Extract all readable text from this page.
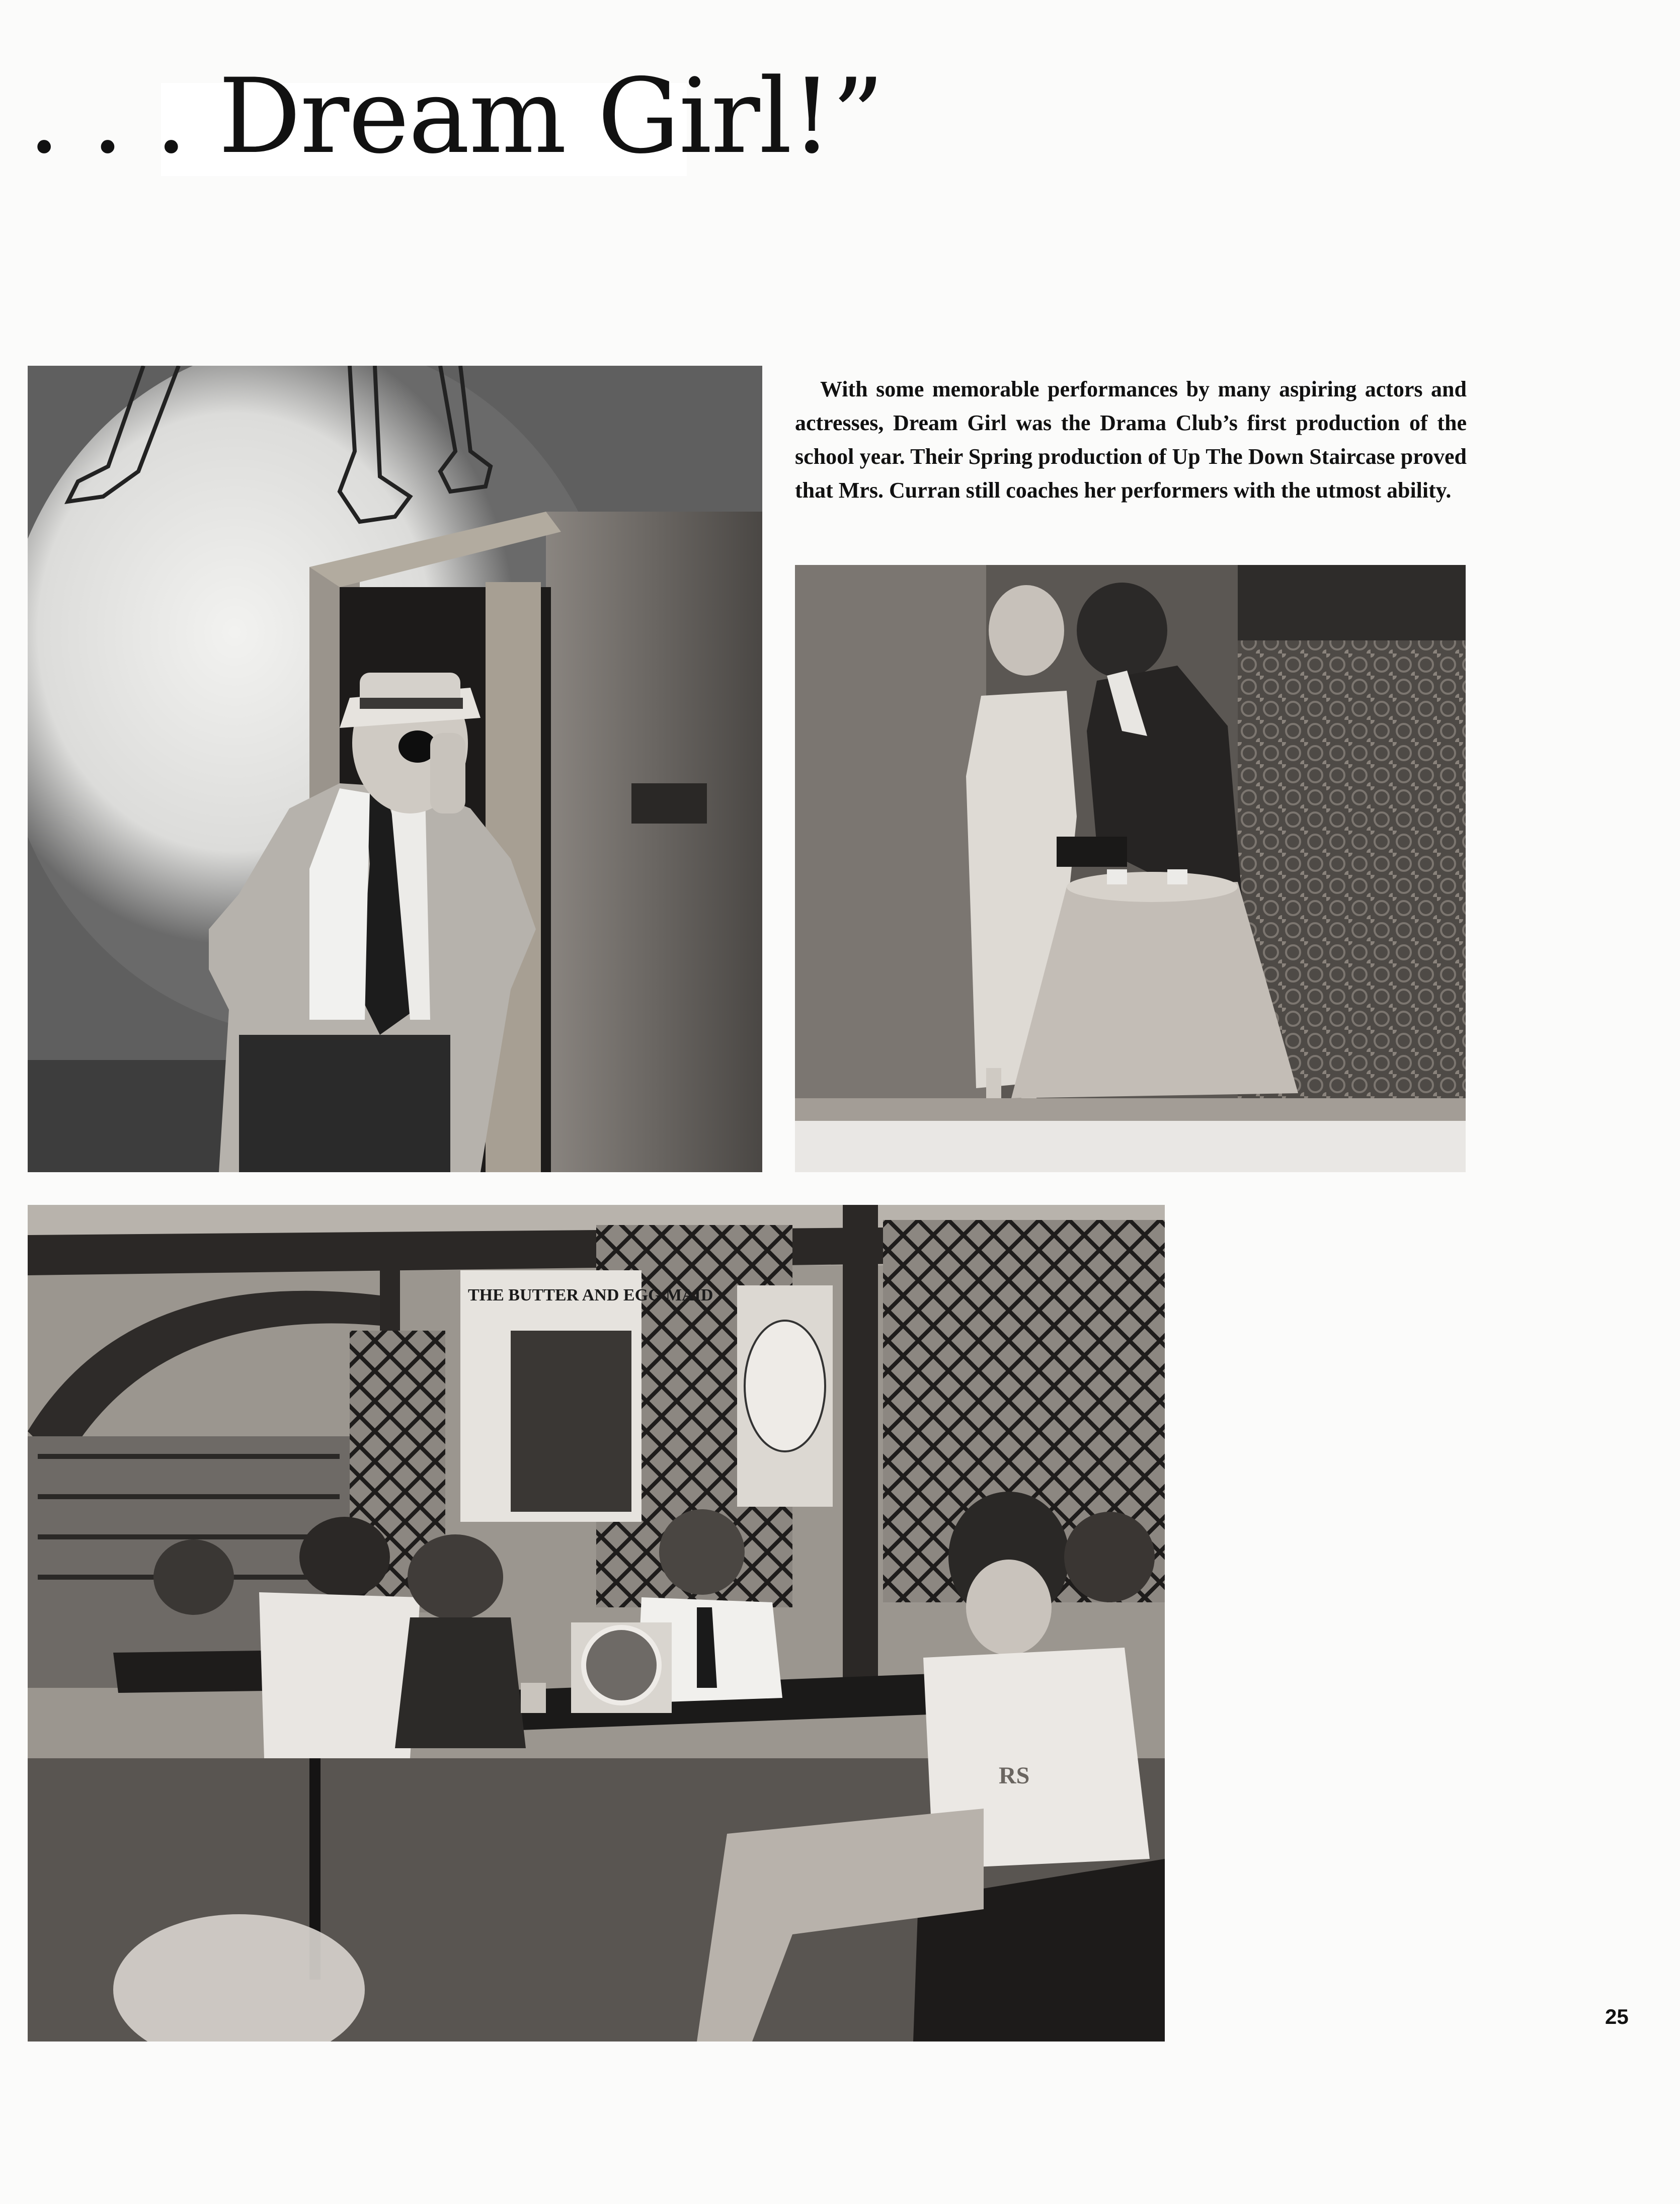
. . . Dream Girl!”

With some memorable performances by many aspiring actors and actresses, Dream Girl was the Drama Club’s first production of the school year. Their Spring production of Up The Down Staircase proved that Mrs. Curran still coaches her performers with the utmost ability.

THE BUTTER AND EGG MAID
RS
25
